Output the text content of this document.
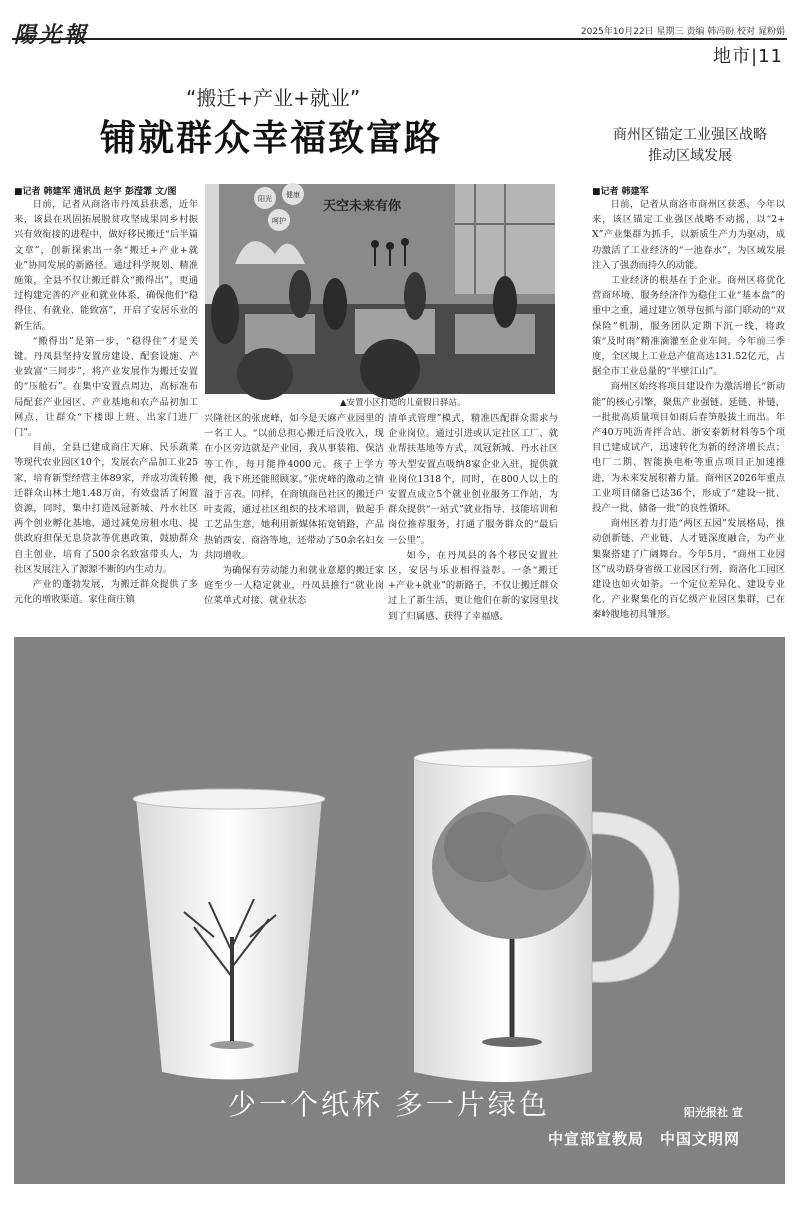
陽光報	2025年10月22日 星期三 责编 韩冯盼 校对 晁粉娟
地市|11
“搬迁+产业+就业”
铺就群众幸福致富路	商州区锚定工业强区战略
推动区域发展
■记者 韩建军 通讯员 赵宇 彭滢霏 文/图	■记者 韩建军

日前，记者从商洛市丹凤县获悉，近年来，该县在巩固拓展脱贫攻坚成果同乡村振兴有效衔接的进程中，做好移民搬迁“后半篇文章”，创新探索出一条“搬迁+产业+就业”协同发展的新路径。通过科学规划、精准施策，全县不仅让搬迁群众“搬得出”，更通过构建完善的产业和就业体系，确保他们“稳得住、有就业、能致富”，开启了安居乐业的新生活。

“搬得出”是第一步，“稳得住”才是关键。丹凤县坚持安置房建设、配套设施、产业致富“三同步”，将产业发展作为搬迁安置的“压舱石”。在集中安置点周边，高标准布局配套产业园区、产业基地和农产品初加工网点，让群众“下楼即上班、出家门进厂门”。

目前，全县已建成商庄天麻、民乐蔬菜等现代农业园区10个，发展农产品加工业25家，培育新型经营主体89家，并成功流转搬迁群众山林土地1.48万亩，有效盘活了闲置资源，同时，集中打造凤冠新城、丹水社区两个创业孵化基地，通过减免房租水电、提供政府担保无息贷款等优惠政策，鼓励群众自主创业，培育了500余名致富带头人，为社区发展注入了源源不断的内生动力。

产业的蓬勃发展，为搬迁群众提供了多元化的增收渠道。家住商庄镇

阳光 健康
呵护
天空未来有你
▲安置小区打造的儿童假日驿站。

兴隆社区的张虎峰，如今是天麻产业园里的一名工人。“以前总担心搬迁后没收入，现在小区旁边就是产业园，我从事装箱、保洁等工作，每月能挣4000元。孩子上学方便，我下班还能照顾家。”张虎峰的激动之情溢于言表。同样，在商镇商邑社区的搬迁户叶麦霞，通过社区组织的技术培训，做起手工艺品生意，她利用新媒体拓宽销路，产品热销西安、商洛等地，还带动了50余名妇女共同增收。

为确保有劳动能力和就业意愿的搬迁家庭至少一人稳定就业，丹凤县推行“就业岗位菜单式对接、就业状态

清单式管理”模式，精准匹配群众需求与企业岗位。通过引进或认定社区工厂、就业帮扶基地等方式，凤冠新城、丹水社区等大型安置点吸纳8家企业入驻，提供就业岗位1318个，同时，在800人以上的安置点成立5个就业创业服务工作站，为群众提供“一站式”就业指导、技能培训和岗位推荐服务，打通了服务群众的“最后一公里”。

如今，在丹凤县的各个移民安置社区，安居与乐业相得益彰。一条“搬迁+产业+就业”的新路子，不仅让搬迁群众过上了新生活，更让他们在新的家园里找到了归属感、获得了幸福感。

日前，记者从商洛市商州区获悉，今年以来，该区锚定工业强区战略不动摇，以“2+X”产业集群为抓手，以新质生产力为驱动，成功激活了工业经济的“一池春水”，为区域发展注入了强劲而持久的动能。

工业经济的根基在于企业。商州区将优化营商环境、服务经济作为稳住工业“基本盘”的重中之重，通过建立领导包抓与部门联动的“双保险”机制，服务团队定期下沉一线，将政策“及时雨”精准滴灌至企业车间。今年前三季度，全区规上工业总产值高达131.52亿元，占据全市工业总量的“半壁江山”。

商州区始终将项目建设作为激活增长“新动能”的核心引擎，聚焦产业强链、延链、补链，一批批高质量项目如雨后春笋般拔土而出。年产40万吨沥青拌合站、浙安泰新材料等5个项目已建成试产，迅速转化为新的经济增长点；电厂二期、智能换电柜等重点项目正加速推进，为未来发展积蓄力量。商州区2026年重点工业项目储备已达36个，形成了“建设一批、投产一批、储备一批”的良性循环。

商州区着力打造“两区五园”发展格局，推动创新链、产业链、人才链深度融合，为产业集聚搭建了广阔舞台。今年5月，“商州工业园区”成功跻身省级工业园区行列，商洛化工园区建设也如火如荼。一个定位差异化、建设专业化、产业聚集化的百亿级产业园区集群，已在秦岭腹地初具雏形。

少一个纸杯 多一片绿色	阳光报社 宣
中宣部宣教局　中国文明网
